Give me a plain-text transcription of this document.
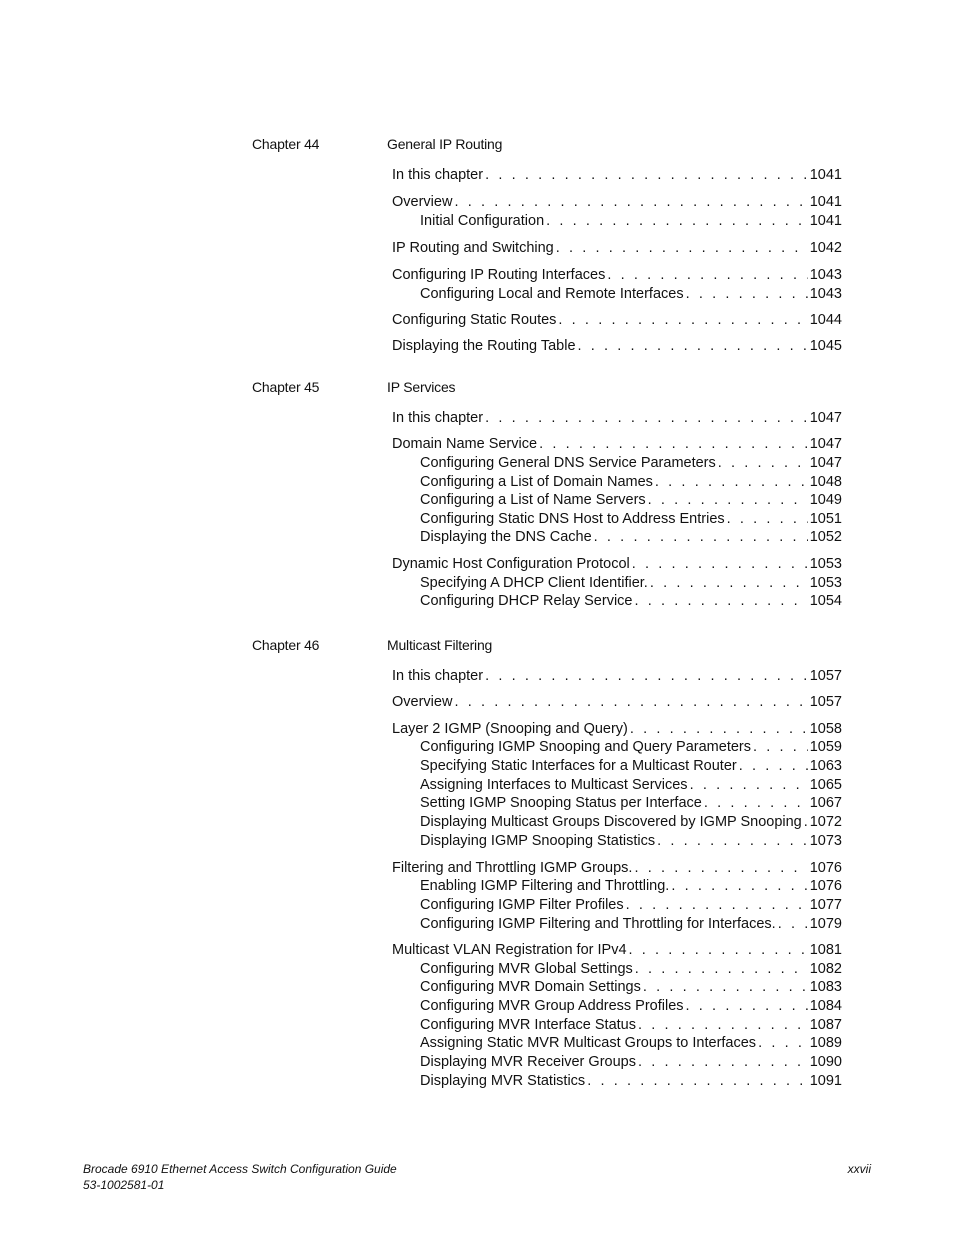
Chapter 44	General IP Routing
In this chapter . . .	1041
Overview . . .	1041
Initial Configuration . . .	1041
IP Routing and Switching . . .	1042
Configuring IP Routing Interfaces . . .	1043
Configuring Local and Remote Interfaces . . .	1043
Configuring Static Routes . . .	1044
Displaying the Routing Table . . .	1045
Chapter 45	IP Services
In this chapter . . .	1047
Domain Name Service . . .	1047
Configuring General DNS Service Parameters . . .	1047
Configuring a List of Domain Names . . .	1048
Configuring a List of Name Servers . . .	1049
Configuring Static DNS Host to Address Entries . . .	1051
Displaying the DNS Cache . . .	1052
Dynamic Host Configuration Protocol . . .	1053
Specifying A DHCP Client Identifier. . . .	1053
Configuring DHCP Relay Service . . .	1054
Chapter 46	Multicast Filtering
In this chapter . . .	1057
Overview . . .	1057
Layer 2 IGMP (Snooping and Query) . . .	1058
Configuring IGMP Snooping and Query Parameters . . .	1059
Specifying Static Interfaces for a Multicast Router . . .	1063
Assigning Interfaces to Multicast Services . . .	1065
Setting IGMP Snooping Status per Interface . . .	1067
Displaying Multicast Groups Discovered by IGMP Snooping . . . 1072
Displaying IGMP Snooping Statistics . . .	1073
Filtering and Throttling IGMP Groups. . . .	1076
Enabling IGMP Filtering and Throttling. . . .	1076
Configuring IGMP Filter Profiles . . .	1077
Configuring IGMP Filtering and Throttling for Interfaces. . . . 1079
Multicast VLAN Registration for IPv4 . . .	1081
Configuring MVR Global Settings . . .	1082
Configuring MVR Domain Settings . . .	1083
Configuring MVR Group Address Profiles . . .	1084
Configuring MVR Interface Status . . .	1087
Assigning Static MVR Multicast Groups to Interfaces . . .	1089
Displaying MVR Receiver Groups . . .	1090
Displaying MVR Statistics . . .	1091
Brocade 6910 Ethernet Access Switch Configuration Guide
53-1002581-01
xxvii
